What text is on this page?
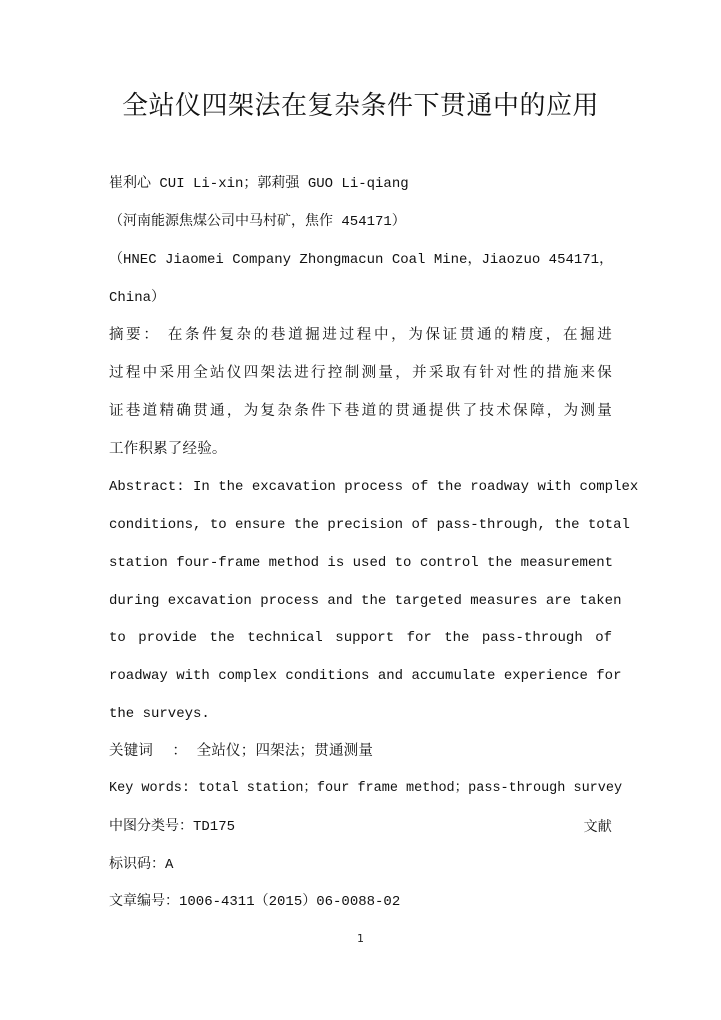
全站仪四架法在复杂条件下贯通中的应用
崔利心 CUI Li-xin；郭莉强 GUO Li-qiang
（河南能源焦煤公司中马村矿，焦作 454171）
（HNEC Jiaomei Company Zhongmacun Coal Mine，Jiaozuo 454171，
China）
摘要： 在条件复杂的巷道掘进过程中，为保证贯通的精度，在掘进
过程中采用全站仪四架法进行控制测量，并采取有针对性的措施来保
证巷道精确贯通，为复杂条件下巷道的贯通提供了技术保障，为测量
工作积累了经验。
Abstract: In the excavation process of the roadway with complex
conditions, to ensure the precision of pass-through, the total
station four-frame method is used to control the measurement
during excavation process and the targeted measures are taken
to provide the technical support for the pass-through of
roadway with complex conditions and accumulate experience for
the surveys.
关键词    ：  全站仪；四架法；贯通测量
Key words: total station；four frame method；pass-through survey
中图分类号：TD175	文献
标识码：A
文章编号：1006-4311（2015）06-0088-02
1
